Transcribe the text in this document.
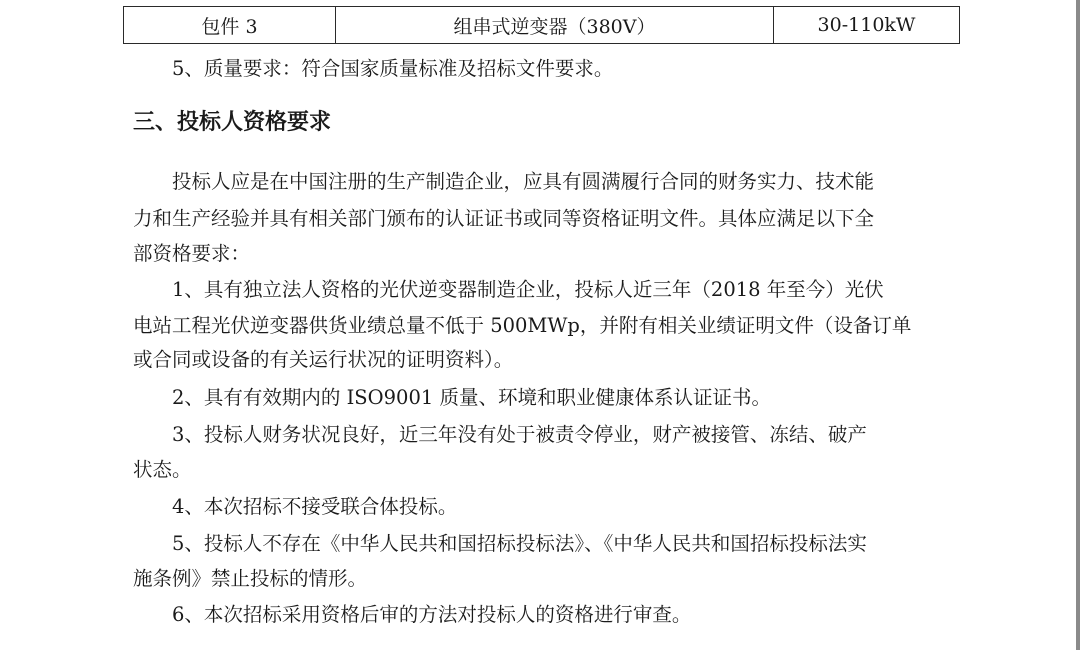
包件 3	组串式逆变器（380V）	30-110kW
5、质量要求：符合国家质量标准及招标文件要求。
三、投标人资格要求
投标人应是在中国注册的生产制造企业，应具有圆满履行合同的财务实力、技术能
力和生产经验并具有相关部门颁布的认证证书或同等资格证明文件。具体应满足以下全
部资格要求：
1、具有独立法人资格的光伏逆变器制造企业，投标人近三年（2018 年至今）光伏
电站工程光伏逆变器供货业绩总量不低于 500MWp，并附有相关业绩证明文件（设备订单
或合同或设备的有关运行状况的证明资料）。
2、具有有效期内的 ISO9001 质量、环境和职业健康体系认证证书。
3、投标人财务状况良好，近三年没有处于被责令停业，财产被接管、冻结、破产
状态。
4、本次招标不接受联合体投标。
5、投标人不存在《中华人民共和国招标投标法》、《中华人民共和国招标投标法实
施条例》禁止投标的情形。
6、本次招标采用资格后审的方法对投标人的资格进行审查。
